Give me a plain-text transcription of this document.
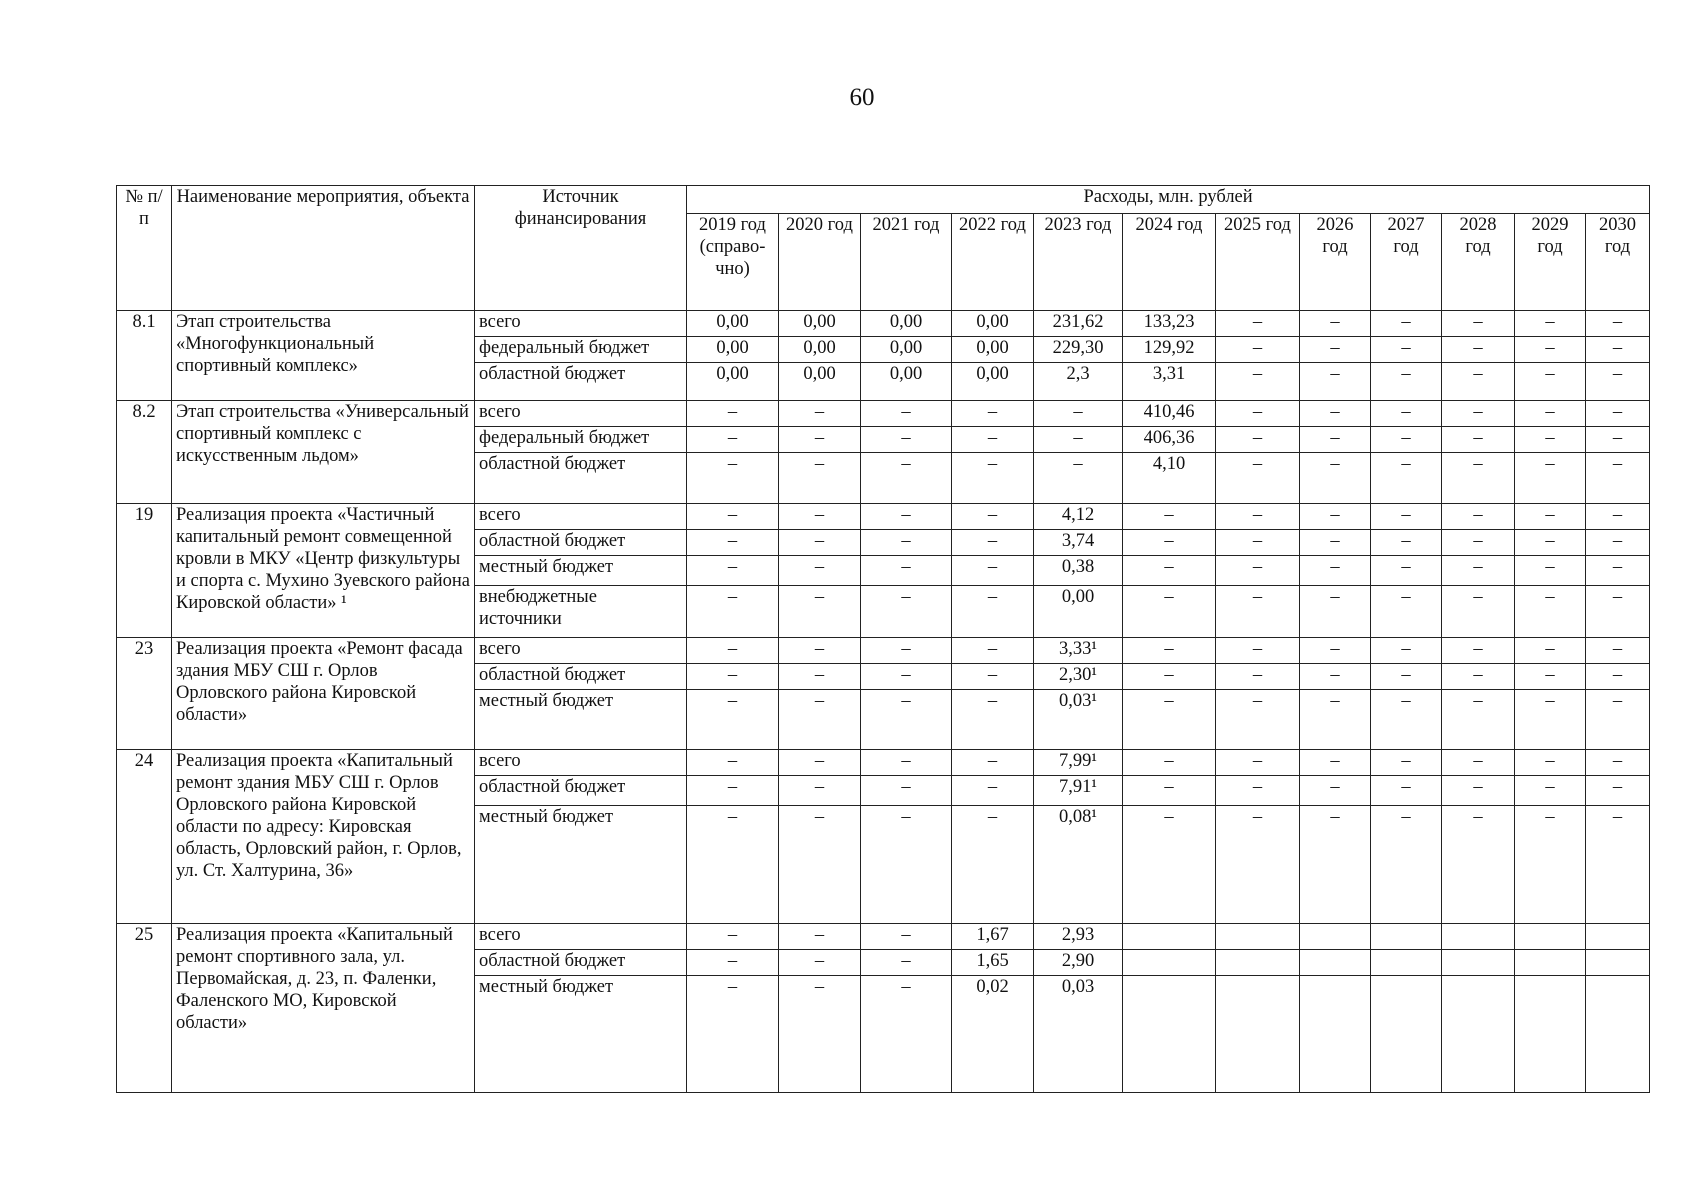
60
№ п/п	Наименование мероприятия, объекта	Источник финансирования	Расходы, млн. рублей											
			2019 год (справо-чно)	2020 год	2021 год	2022 год	2023 год	2024 год	2025 год	2026 год	2027 год	2028 год	2029 год	2030 год
8.1	Этап строительства «Многофункциональный спортивный комплекс»	всего	0,00	0,00	0,00	0,00	231,62	133,23	–	–	–	–	–	–
		федеральный бюджет	0,00	0,00	0,00	0,00	229,30	129,92	–	–	–	–	–	–
		областной бюджет	0,00	0,00	0,00	0,00	2,3	3,31	–	–	–	–	–	–
8.2	Этап строительства «Универсальный спортивный комплекс с искусственным льдом»	всего	–	–	–	–	–	410,46	–	–	–	–	–	–
		федеральный бюджет	–	–	–	–	–	406,36	–	–	–	–	–	–
		областной бюджет	–	–	–	–	–	4,10	–	–	–	–	–	–
19	Реализация проекта «Частичный капитальный ремонт совмещенной кровли в МКУ «Центр физкультуры и спорта с. Мухино Зуевского района Кировской области» ¹	всего	–	–	–	–	4,12	–	–	–	–	–	–	–
		областной бюджет	–	–	–	–	3,74	–	–	–	–	–	–	–
		местный бюджет	–	–	–	–	0,38	–	–	–	–	–	–	–
		внебюджетные источники	–	–	–	–	0,00	–	–	–	–	–	–	–
23	Реализация проекта «Ремонт фасада здания МБУ СШ г. Орлов Орловского района Кировской области»	всего	–	–	–	–	3,33¹	–	–	–	–	–	–	–
		областной бюджет	–	–	–	–	2,30¹	–	–	–	–	–	–	–
		местный бюджет	–	–	–	–	0,03¹	–	–	–	–	–	–	–
24	Реализация проекта «Капитальный ремонт здания МБУ СШ г. Орлов Орловского района Кировской области по адресу: Кировская область, Орловский район, г. Орлов, ул. Ст. Халтурина, 36»	всего	–	–	–	–	7,99¹	–	–	–	–	–	–	–
		областной бюджет	–	–	–	–	7,91¹	–	–	–	–	–	–	–
		местный бюджет	–	–	–	–	0,08¹	–	–	–	–	–	–	–
25	Реализация проекта «Капитальный ремонт спортивного зала, ул. Первомайская, д. 23, п. Фаленки, Фаленского МО, Кировской области»	всего	–	–	–	1,67	2,93							
		областной бюджет	–	–	–	1,65	2,90							
		местный бюджет	–	–	–	0,02	0,03							
